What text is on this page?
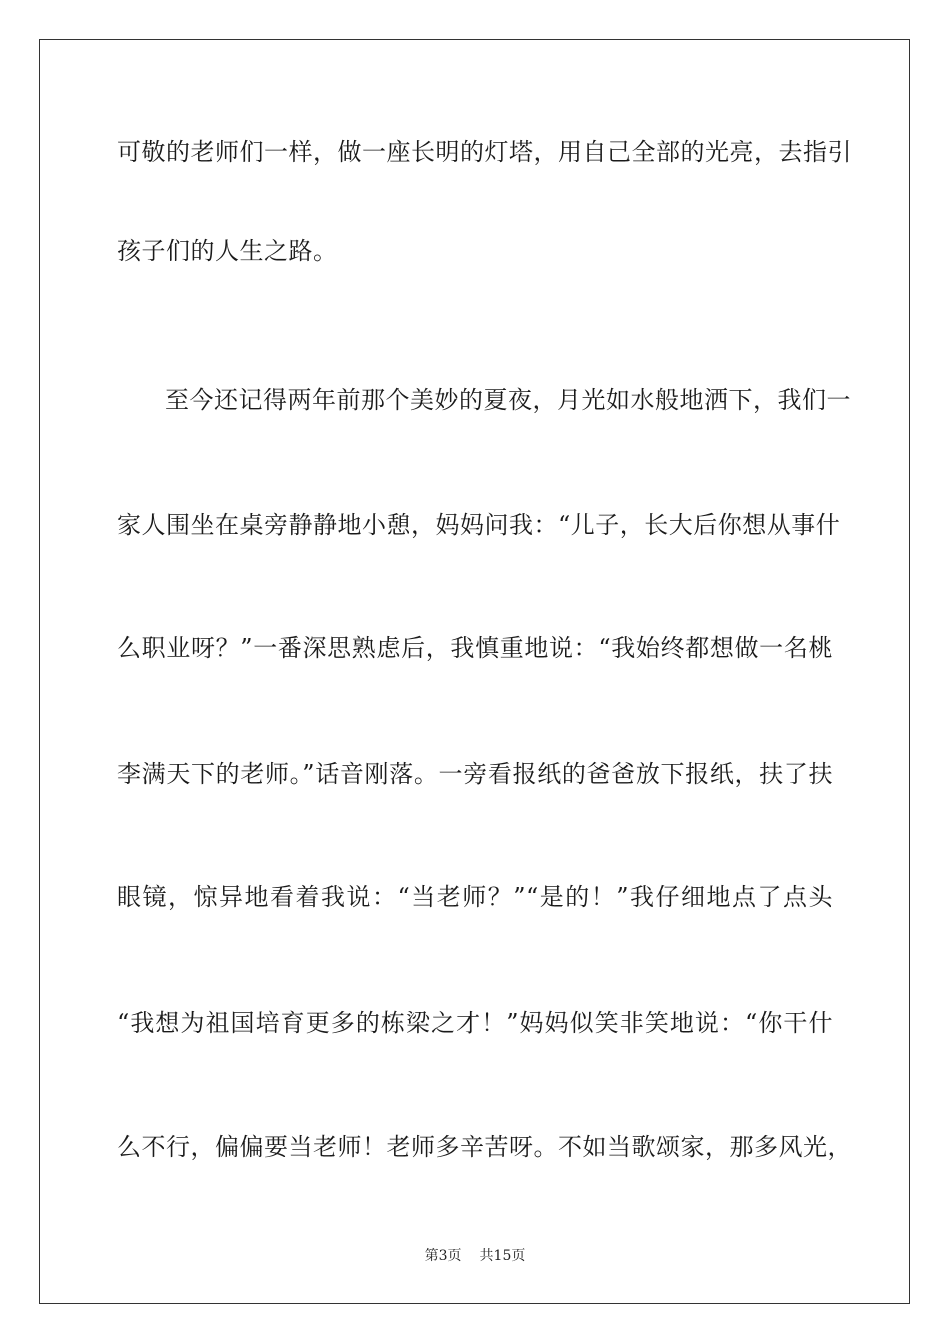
可敬的老师们一样，做一座长明的灯塔，用自己全部的光亮，去指引
孩子们的人生之路。
至今还记得两年前那个美妙的夏夜，月光如水般地洒下，我们一
家人围坐在桌旁静静地小憩，妈妈问我：“儿子，长大后你想从事什
么职业呀？”一番深思熟虑后，我慎重地说：“我始终都想做一名桃
李满天下的老师。”话音刚落。一旁看报纸的爸爸放下报纸，扶了扶
眼镜，惊异地看着我说：“当老师？”“是的！”我仔细地点了点头
“我想为祖国培育更多的栋梁之才！”妈妈似笑非笑地说：“你干什
么不行，偏偏要当老师！老师多辛苦呀。不如当歌颂家，那多风光，
第3页 共15页
